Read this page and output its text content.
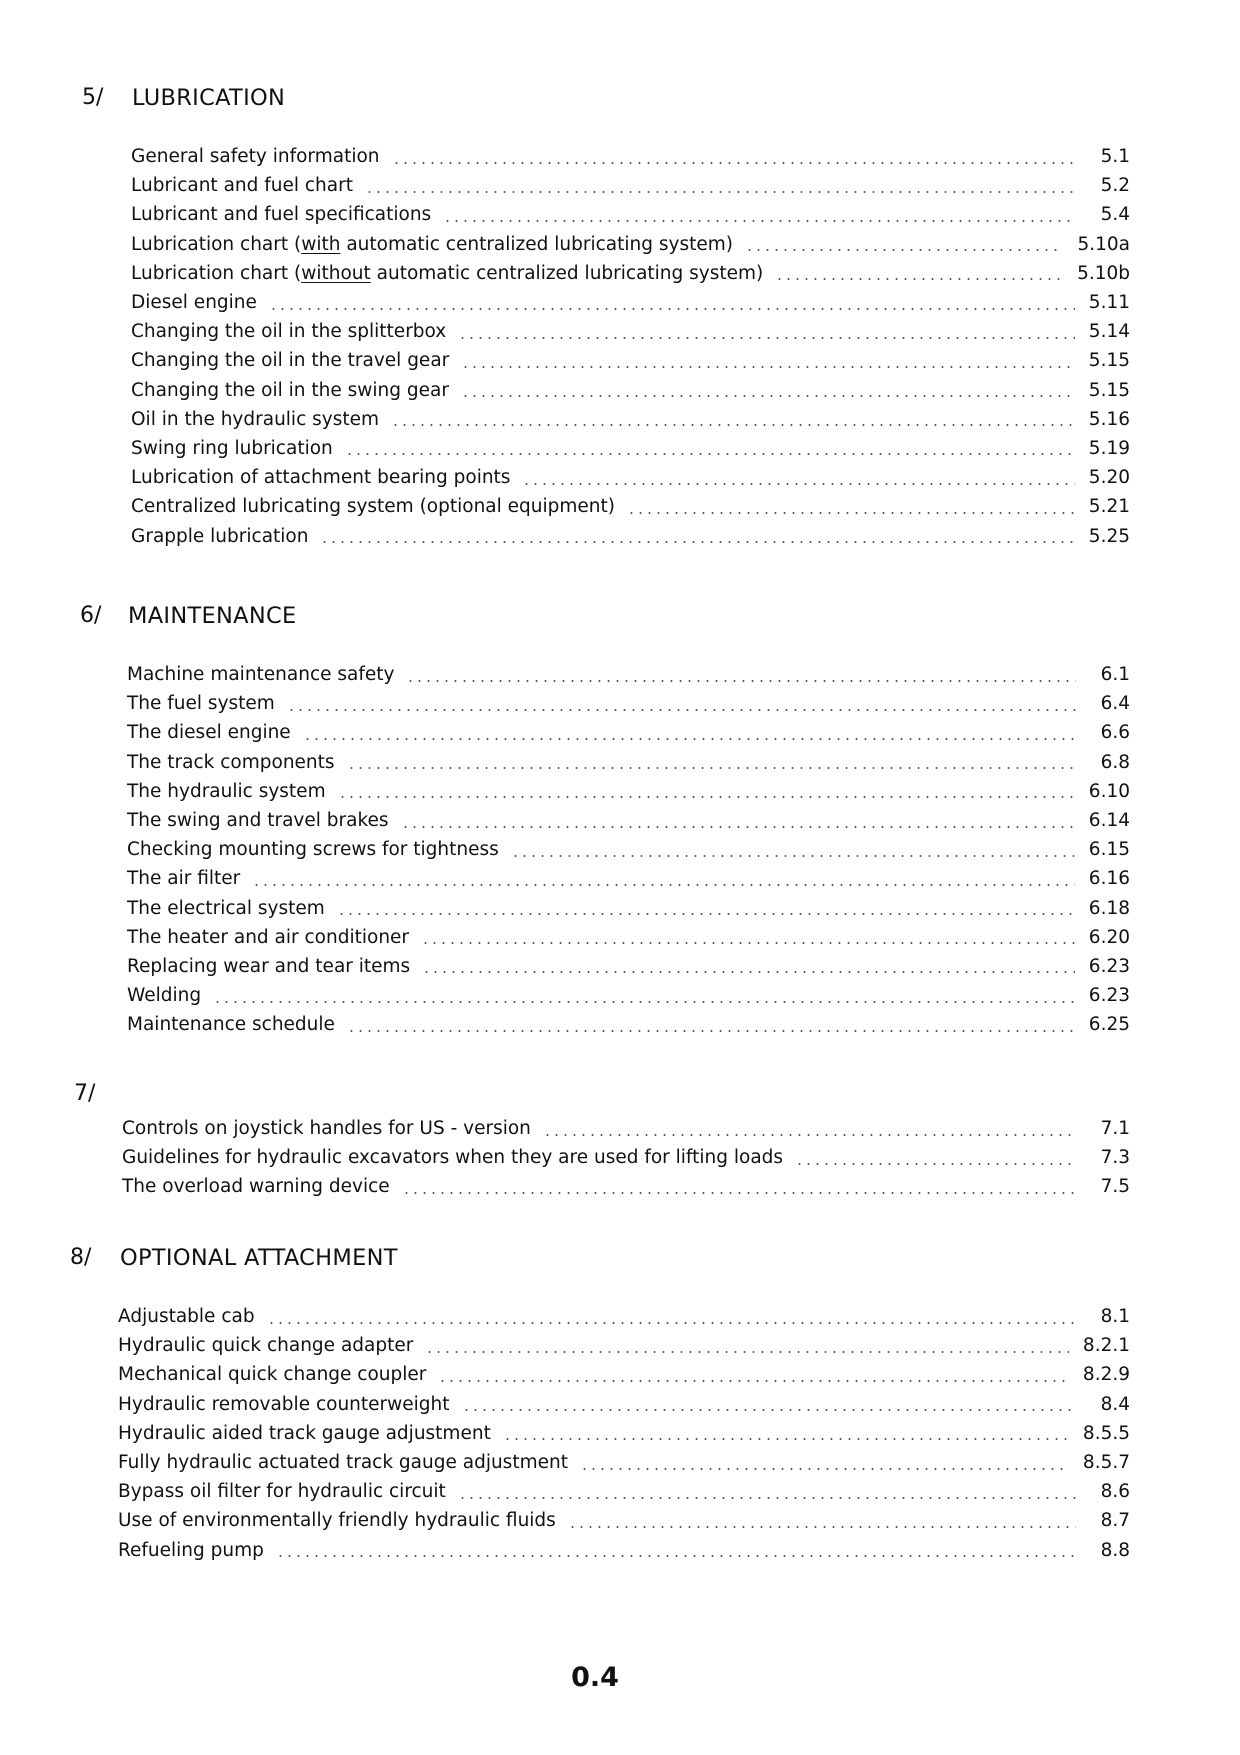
5/ LUBRICATION
General safety information	5.1
Lubricant and fuel chart	5.2
Lubricant and fuel specifications	5.4
Lubrication chart (with automatic centralized lubricating system)	5.10a
Lubrication chart (without automatic centralized lubricating system)	5.10b
Diesel engine	5.11
Changing the oil in the splitterbox	5.14
Changing the oil in the travel gear	5.15
Changing the oil in the swing gear	5.15
Oil in the hydraulic system	5.16
Swing ring lubrication	5.19
Lubrication of attachment bearing points	5.20
Centralized lubricating system (optional equipment)	5.21
Grapple lubrication	5.25
6/ MAINTENANCE
Machine maintenance safety	6.1
The fuel system	6.4
The diesel engine	6.6
The track components	6.8
The hydraulic system	6.10
The swing and travel brakes	6.14
Checking mounting screws for tightness	6.15
The air filter	6.16
The electrical system	6.18
The heater and air conditioner	6.20
Replacing wear and tear items	6.23
Welding	6.23
Maintenance schedule	6.25
7/
Controls on joystick handles for US - version	7.1
Guidelines for hydraulic excavators when they are used for lifting loads	7.3
The overload warning device	7.5
8/ OPTIONAL ATTACHMENT
Adjustable cab	8.1
Hydraulic quick change adapter	8.2.1
Mechanical quick change coupler	8.2.9
Hydraulic removable counterweight	8.4
Hydraulic aided track gauge adjustment	8.5.5
Fully hydraulic actuated track gauge adjustment	8.5.7
Bypass oil filter for hydraulic circuit	8.6
Use of environmentally friendly hydraulic fluids	8.7
Refueling pump	8.8
0.4
